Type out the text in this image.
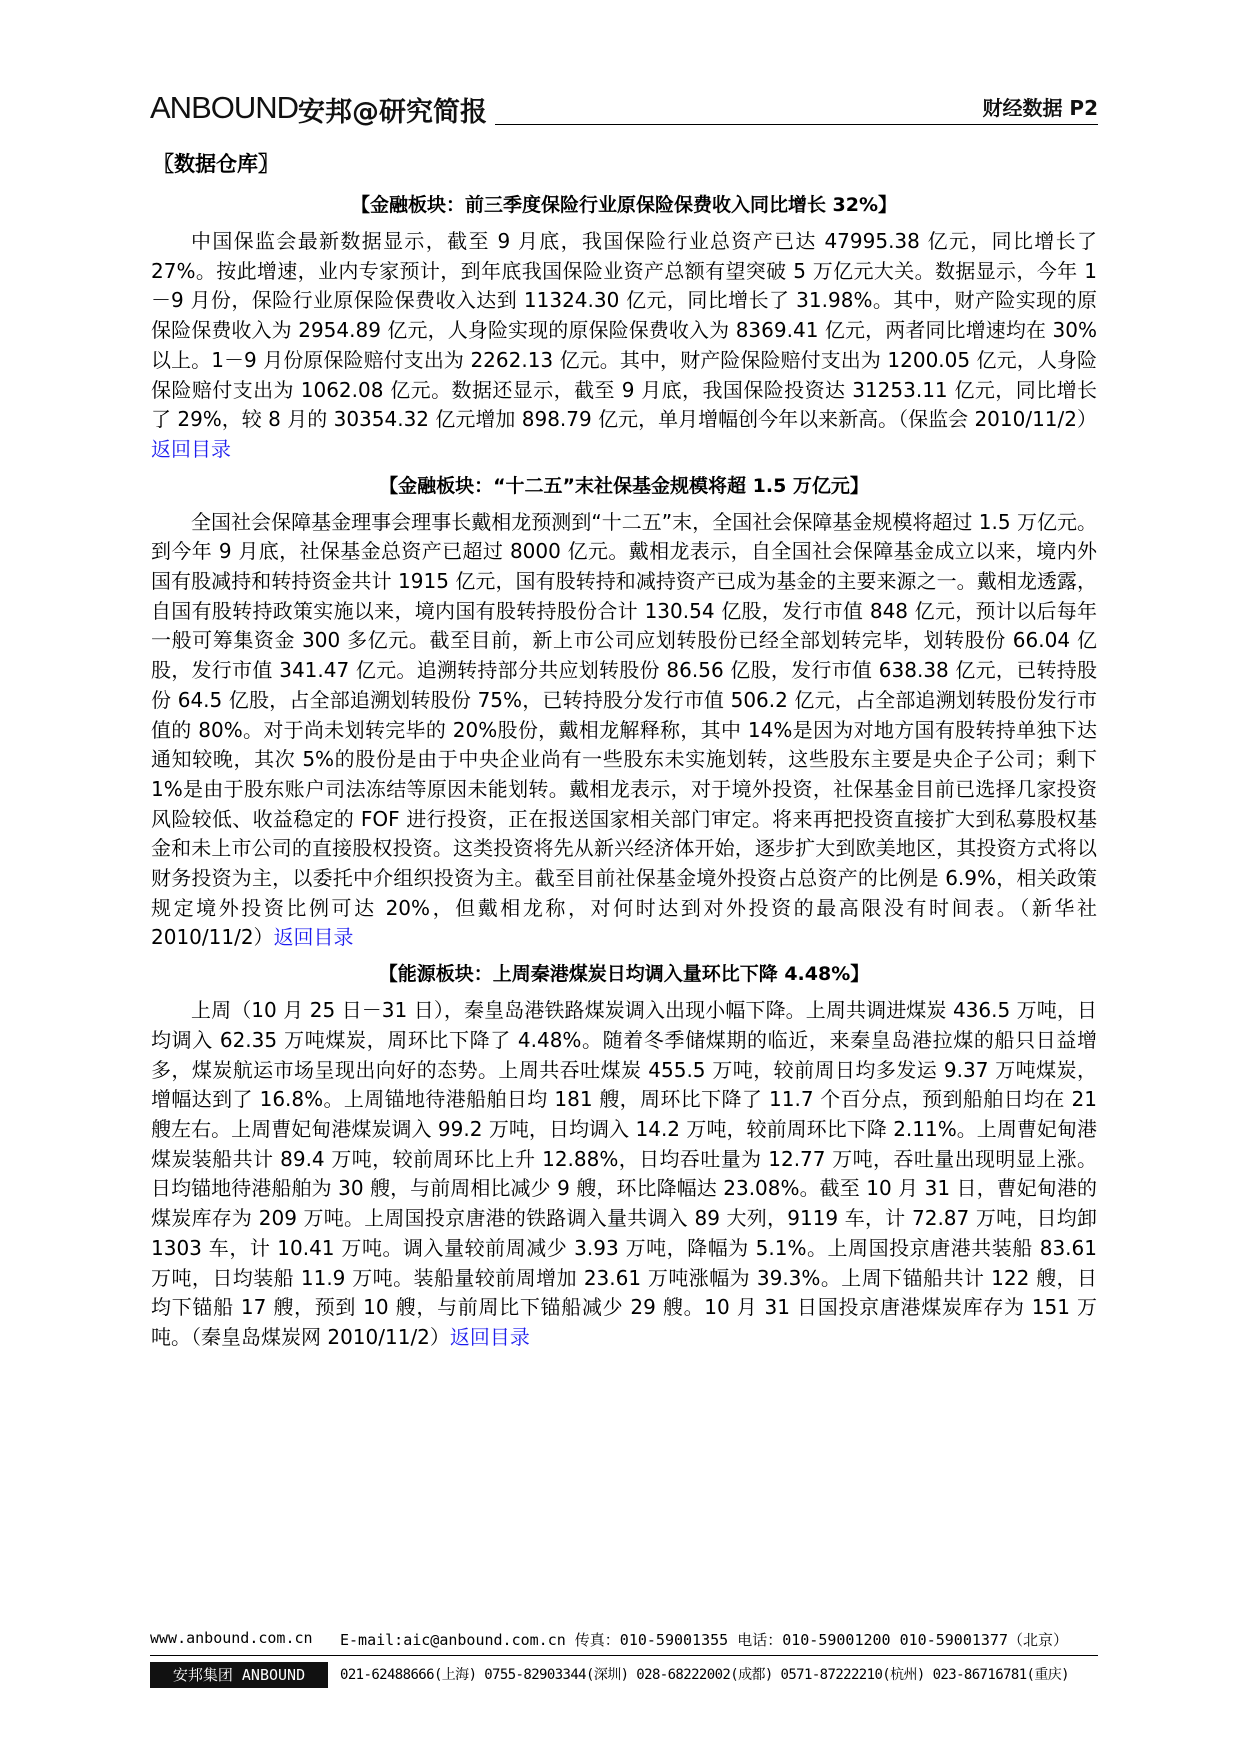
ANBOUND 安邦@研究简报	财经数据 P2
〖数据仓库〗
【金融板块：前三季度保险行业原保险保费收入同比增长 32%】

中国保监会最新数据显示，截至 9 月底，我国保险行业总资产已达 47995.38 亿元，同比增长了 27%。按此增速，业内专家预计，到年底我国保险业资产总额有望突破 5 万亿元大关。数据显示，今年 1－9 月份，保险行业原保险保费收入达到 11324.30 亿元，同比增长了 31.98%。其中，财产险实现的原保险保费收入为 2954.89 亿元，人身险实现的原保险保费收入为 8369.41 亿元，两者同比增速均在 30%以上。1－9 月份原保险赔付支出为 2262.13 亿元。其中，财产险保险赔付支出为 1200.05 亿元，人身险保险赔付支出为 1062.08 亿元。数据还显示，截至 9 月底，我国保险投资达 31253.11 亿元，同比增长了 29%，较 8 月的 30354.32 亿元增加 898.79 亿元，单月增幅创今年以来新高。（保监会 2010/11/2）返回目录

【金融板块：“十二五”末社保基金规模将超 1.5 万亿元】

全国社会保障基金理事会理事长戴相龙预测到“十二五”末，全国社会保障基金规模将超过 1.5 万亿元。到今年 9 月底，社保基金总资产已超过 8000 亿元。戴相龙表示，自全国社会保障基金成立以来，境内外国有股减持和转持资金共计 1915 亿元，国有股转持和减持资产已成为基金的主要来源之一。戴相龙透露，自国有股转持政策实施以来，境内国有股转持股份合计 130.54 亿股，发行市值 848 亿元，预计以后每年一般可筹集资金 300 多亿元。截至目前，新上市公司应划转股份已经全部划转完毕，划转股份 66.04 亿股，发行市值 341.47 亿元。追溯转持部分共应划转股份 86.56 亿股，发行市值 638.38 亿元，已转持股份 64.5 亿股，占全部追溯划转股份 75%，已转持股分发行市值 506.2 亿元，占全部追溯划转股份发行市值的 80%。对于尚未划转完毕的 20%股份，戴相龙解释称，其中 14%是因为对地方国有股转持单独下达通知较晚，其次 5%的股份是由于中央企业尚有一些股东未实施划转，这些股东主要是央企子公司；剩下 1%是由于股东账户司法冻结等原因未能划转。戴相龙表示，对于境外投资，社保基金目前已选择几家投资风险较低、收益稳定的 FOF 进行投资，正在报送国家相关部门审定。将来再把投资直接扩大到私募股权基金和未上市公司的直接股权投资。这类投资将先从新兴经济体开始，逐步扩大到欧美地区，其投资方式将以财务投资为主，以委托中介组织投资为主。截至目前社保基金境外投资占总资产的比例是 6.9%，相关政策规定境外投资比例可达 20%，但戴相龙称，对何时达到对外投资的最高限没有时间表。（新华社 2010/11/2）返回目录

【能源板块：上周秦港煤炭日均调入量环比下降 4.48%】

上周（10 月 25 日－31 日），秦皇岛港铁路煤炭调入出现小幅下降。上周共调进煤炭 436.5 万吨，日均调入 62.35 万吨煤炭，周环比下降了 4.48%。随着冬季储煤期的临近，来秦皇岛港拉煤的船只日益增多，煤炭航运市场呈现出向好的态势。上周共吞吐煤炭 455.5 万吨，较前周日均多发运 9.37 万吨煤炭，增幅达到了 16.8%。上周锚地待港船舶日均 181 艘，周环比下降了 11.7 个百分点，预到船舶日均在 21 艘左右。上周曹妃甸港煤炭调入 99.2 万吨，日均调入 14.2 万吨，较前周环比下降 2.11%。上周曹妃甸港煤炭装船共计 89.4 万吨，较前周环比上升 12.88%，日均吞吐量为 12.77 万吨，吞吐量出现明显上涨。日均锚地待港船舶为 30 艘，与前周相比减少 9 艘，环比降幅达 23.08%。截至 10 月 31 日，曹妃甸港的煤炭库存为 209 万吨。上周国投京唐港的铁路调入量共调入 89 大列，9119 车，计 72.87 万吨，日均卸 1303 车，计 10.41 万吨。调入量较前周减少 3.93 万吨，降幅为 5.1%。上周国投京唐港共装船 83.61 万吨，日均装船 11.9 万吨。装船量较前周增加 23.61 万吨涨幅为 39.3%。上周下锚船共计 122 艘，日均下锚船 17 艘，预到 10 艘，与前周比下锚船减少 29 艘。10 月 31 日国投京唐港煤炭库存为 151 万吨。（秦皇岛煤炭网 2010/11/2）返回目录

www.anbound.com.cn E-mail:aic@anbound.com.cn 传真：010-59001355 电话：010-59001200 010-59001377（北京）
安邦集团 ANBOUND	021-62488666(上海) 0755-82903344(深圳) 028-68222002(成都) 0571-87222210(杭州) 023-86716781(重庆)
